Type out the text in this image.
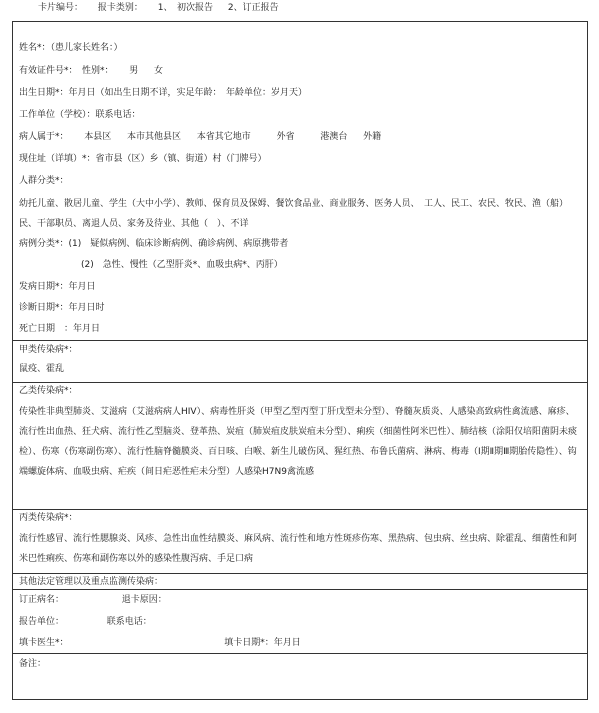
卡片编号： 报卡类别： 1、　初次报告 2、订正报告
姓名*：（患儿家长姓名：）
有效证件号*：　性别*： 男 女
出生日期*：年月日（如出生日期不详，实足年龄：　年龄单位：岁月天）
工作单位（学校）：联系电话：
病人属于*： 本县区 本市其他县区 本省其它地市	外省	港澳台 外籍
现住址（详填）*：省市县（区）乡（镇、街道）村（门牌号）
人群分类*：
幼托儿童、散居儿童、学生（大中小学）、教师、保育员及保姆、餐饮食品业、商业服务、医务人员、　工人、民工、农民、牧民、渔（船）　民、干部职员、离退人员、家务及待业、其他（　）、不详
病例分类*：(1)　疑似病例、临床诊断病例、确诊病例、病原携带者
(2)　急性、慢性（乙型肝炎*、血吸虫病*、丙肝）
发病日期*：年月日
诊断日期*：年月日时
死亡日期　：年月日
甲类传染病*：
鼠疫、霍乱
乙类传染病*：
传染性非典型肺炎、艾滋病（艾滋病病人HIV）、病毒性肝炎（甲型乙型丙型丁肝戊型未分型）、脊髓灰质炎、人感染高致病性禽流感、麻疹、流行性出血热、狂犬病、流行性乙型脑炎、登革热、炭疽（肺炭疽皮肤炭疽未分型）、痢疾（细菌性阿米巴性）、肺结核（涂阳仅培阳菌阴未痰检）、伤寒（伤寒副伤寒）、流行性脑脊髓膜炎、百日咳、白喉、新生儿破伤风、猩红热、布鲁氏菌病、淋病、梅毒（Ⅰ期Ⅱ期Ⅲ期胎传隐性）、钩端螺旋体病、血吸虫病、疟疾（间日疟恶性疟未分型）人感染H7N9禽流感
丙类传染病*：
流行性感冒、流行性腮腺炎、风疹、急性出血性结膜炎、麻风病、流行性和地方性斑疹伤寒、黑热病、包虫病、丝虫病、除霍乱、细菌性和阿米巴性痢疾、伤寒和副伤寒以外的感染性腹泻病、手足口病
其他法定管理以及重点监测传染病：
订正病名：	退卡原因：
报告单位：	联系电话：
填卡医生*：	填卡日期*：年月日
备注：
